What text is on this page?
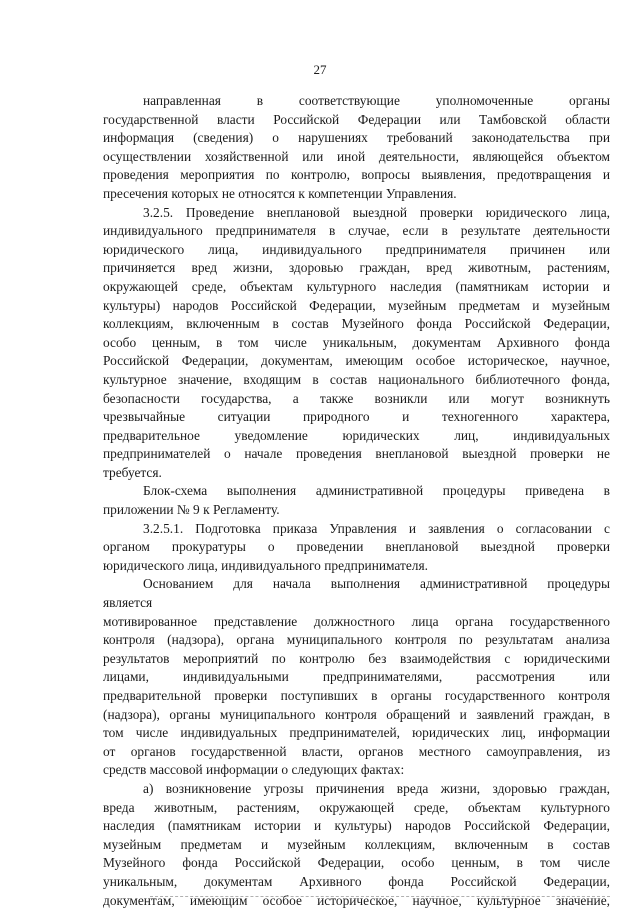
27
направленная в соответствующие уполномоченные органы
государственной власти Российской Федерации или Тамбовской области
информация (сведения) о нарушениях требований законодательства при
осуществлении хозяйственной или иной деятельности, являющейся объектом
проведения мероприятия по контролю, вопросы выявления, предотвращения и
пресечения которых не относятся к компетенции Управления.
3.2.5. Проведение внеплановой выездной проверки юридического лица,
индивидуального предпринимателя в случае, если в результате деятельности
юридического лица, индивидуального предпринимателя причинен или
причиняется вред жизни, здоровью граждан, вред животным, растениям,
окружающей среде, объектам культурного наследия (памятникам истории и
культуры) народов Российской Федерации, музейным предметам и музейным
коллекциям, включенным в состав Музейного фонда Российской Федерации,
особо ценным, в том числе уникальным, документам Архивного фонда
Российской Федерации, документам, имеющим особое историческое, научное,
культурное значение, входящим в состав национального библиотечного фонда,
безопасности государства, а также возникли или могут возникнуть
чрезвычайные ситуации природного и техногенного характера,
предварительное уведомление юридических лиц, индивидуальных
предпринимателей о начале проведения внеплановой выездной проверки не
требуется.
Блок-схема выполнения административной процедуры приведена в
приложении № 9 к Регламенту.
3.2.5.1. Подготовка приказа Управления и заявления о согласовании с
органом прокуратуры о проведении внеплановой выездной проверки
юридического лица, индивидуального предпринимателя.
Основанием для начала выполнения административной процедуры
является
мотивированное представление должностного лица органа государственного
контроля (надзора), органа муниципального контроля по результатам анализа
результатов мероприятий по контролю без взаимодействия с юридическими
лицами, индивидуальными предпринимателями, рассмотрения или
предварительной проверки поступивших в органы государственного контроля
(надзора), органы муниципального контроля обращений и заявлений граждан, в
том числе индивидуальных предпринимателей, юридических лиц, информации
от органов государственной власти, органов местного самоуправления, из
средств массовой информации о следующих фактах:
а) возникновение угрозы причинения вреда жизни, здоровью граждан,
вреда животным, растениям, окружающей среде, объектам культурного
наследия (памятникам истории и культуры) народов Российской Федерации,
музейным предметам и музейным коллекциям, включенным в состав
Музейного фонда Российской Федерации, особо ценным, в том числе
уникальным, документам Архивного фонда Российской Федерации,
документам, имеющим особое историческое, научное, культурное значение,
